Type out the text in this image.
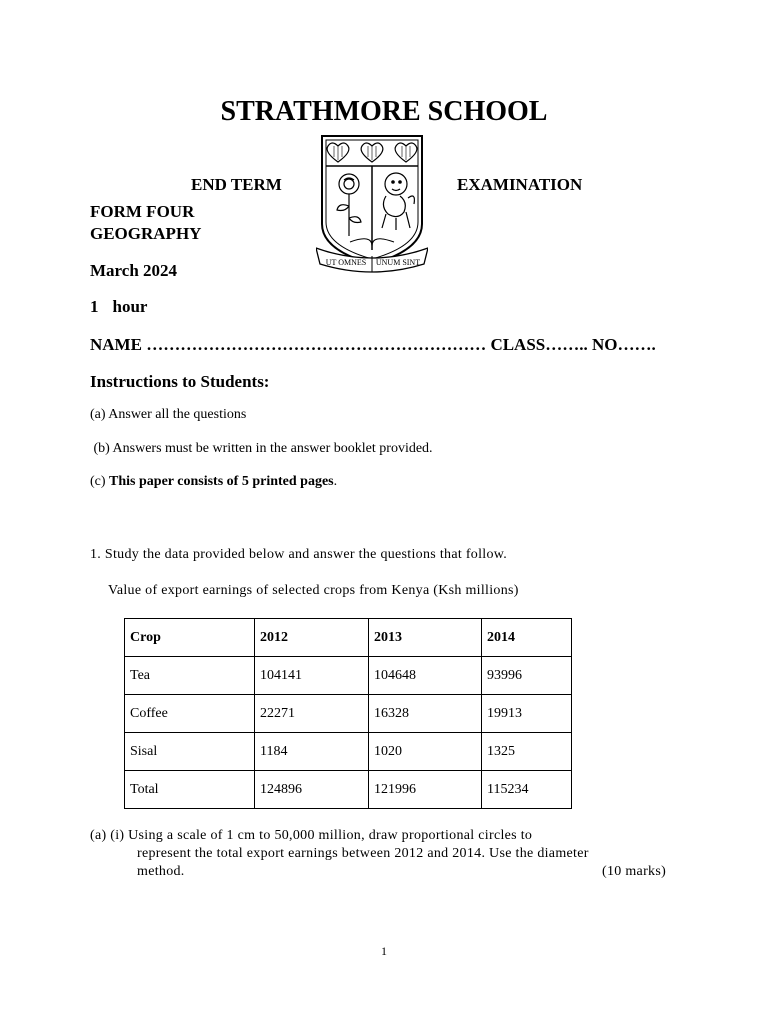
STRATHMORE SCHOOL
UT OMNES UNUM SINT
END TERM	EXAMINATION
FORM FOUR
GEOGRAPHY
March 2024
1 hour
NAME …………………………………………………… CLASS…….. NO…….
Instructions to Students:
(a) Answer all the questions
(b) Answers must be written in the answer booklet provided.
(c) This paper consists of 5 printed pages.
1. Study the data provided below and answer the questions that follow.
Value of export earnings of selected crops from Kenya (Ksh millions)
Crop	2012	2013	2014
Tea	104141	104648	93996
Coffee	22271	16328	19913
Sisal	1184	1020	1325
Total	124896	121996	115234
(a) (i) Using a scale of 1 cm to 50,000 million, draw proportional circles to
represent the total export earnings between 2012 and 2014. Use the diameter
method.	(10 marks)
1
